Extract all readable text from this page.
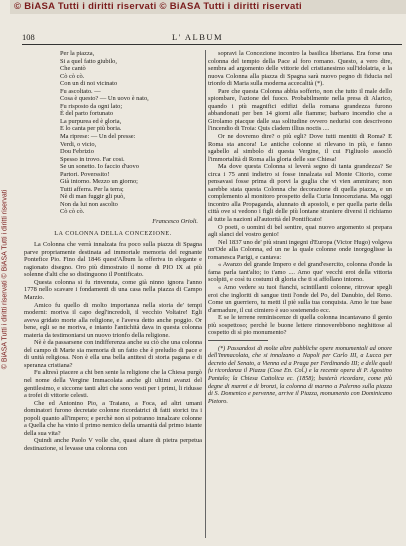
© BiASA Tutti i diritti riservati © BiASA Tutti i diritti riservati
© BiASA Tutti i diritti riservati © BiASA Tutti i diritti riservati
108	L' ALBUM
Per la piazza,
Si a quel fatto giubilo,
Che cantò
Cò cò cò.
Con un di noi vicinato
Fu ascoltato. —
Cosa è questo? — Un uovo è nato,
Fu risposto da ogni lato;
È del parto fortunato
La purpurea ed è gloria,
E lo canta per più boria.
Ma riprese: — Un del presse:
Verdi, o vicio,
Dou Febrizio
Spesso in trovo. Far cosi.
Se un sonetto. Io faccio d'uovo
Partori. Poverssito!
Già intorno. Mezzo un giorno;
Tutti afferra. Per la terra;
Nè di man fuggir gli può,
Non da lui non ascolto
Cò cò cò.
Francesco Orioli.
LA COLONNA DELLA CONCEZIONE.

La Colonna che verrà innalzata fra poco sulla piazza di Spagna parve propriamente destinata ad immortale memoria del regnante Pontefice Pio. Fino dal 1846 quest'Album la offeriva in elegante e ragionato disegno. Oro più dimostrato il nome di PIO IX ai più solenne d'alti che so distinguono il Pontificato.

Questa colonna si fu rinvenuta, come già ninno ignora l'anno 1778 nello scavare i fondamenti di una casa nella piazza di Campo Marzio.

Amico fu quello di molto importanza nella storia de' tempi moderni: moriva il capo degl'incredoli, il vecchio Voltaire! Egli aveva gridato morte alla religione, e l'aveva detto anche poggio. Or bene, egli se ne moriva, e intanto l'antichità dava in questa colonna materia da testimoniarsi un nuovo trionfo della religione.

Nè è da passarsene con indifferenza anche su ciò che una colonna del campo di Marte sia memoria di un fatto che è preludio di pace e di unità religiosa. Non è ella una bella antitesi di storia pagana e di speranza cristiana?

Fu altresì piacere a chi ben sente la religione che la Chiesa purgò nel nome della Vergine Immacolata anche gli ultimi avanzi del gentilesimo, e siccome tanti altri che sono vesti per i primi, li ridusse a trofei di vittorie celesti.

Che ed Antonino Pio, a Traiano, a Foca, ad altri umani dominatori furono decretate colonne ricordatrici di fatti storici tra i popoli quanto all'impero; e perchè non si potranno innalzare colonne a Quella che ha vinto il primo nemico della umanità dal primo istante della sua vita?

Quindi anche Paolo V volle che, quasi altare di pietra perpetua destinazione, si levasse una colonna con

sopravi la Concezione incontro la basilica liberiana. Era forse una colonna del tempio della Pace al foro romano. Questo, a vero dire, sembra ad argomento delle vittorie del cristianesimo sull'idolatria, e la nuova Colonna alla piazza di Spagna sarà nuovo pegno di fiducia nel trionfo di Maria sulla moderna accecalità (*).

Pare che questa Colonna abbia sofferto, non che tutto il male dello spiombare, l'azione del fuoco. Probabilmente nella presa di Alarico, quando i più magnifici edifizi della romana grandezza furono abbandonati per ben 14 giorni alle fiamme; barbaro incendio che a Girolamo piacque dalle sua solitudine ovvero nedurisi con descrivono l'incendio di Troia: Quis cladem illius noctis ....

Or ne dovremo dire? o più egli? Dove tutti mentiti di Roma? E Roma sta ancora! Le antiche colonne si rilevano in più, e fanno sgabello al simbolo di questa Vergine, il cui Figliuolo assoclò l'immortalità di Roma alla gloria delle sue Chiesa!

Ma dove questa Colonna si leverà segno di tanta grandezza? Se circa i 75 anni indietro si fosse innalzata sul Monte Citorio, come pensavasi fosse prima di porvi la guglia che vi vien ammirare; non sarebbe stata questa Colonna che decorazione di quella piazza, e un complemento al monitoro prospetto della Curia Innocenziana. Ma oggi incontro alla Propaganda, alunnato di apostoli, e per quella parte della città ove si vedono i figli delle più lontane straniere diversi il richiamo al tutte la nazioni all'autorità del Pontificato!

O poeti, o uomini di bel sentire, quai nuovo argomento si prepara agli slanci del vostro genio!

Nel 1837 uno de' più strani ingegni d'Europa (Victor Hugo) volgeva un'Ode alla Colonna, ed un ne la quale colonne onde inorgoglisse la romanesca Parigi, e cantava:

« Avanzo del grande Impero e del grand'esercito, colonna d'onde la fama parla tant'alto; io t'amo .... Amo que' vecchi eroi della vittoria scolpiti, e così tu costumi di gloria che ti si affollano intorno.

« Amo vedere su tuoi fianchi, scintillanti colonne, ritrovar spegli eroi che ingloriti di sangue tinti l'onde del Po, del Danubio, del Reno. Come un guerriero, tu metti il piè sulla tua conquista. Amo le tue base d'armadure, il cui cimiero è suo sostenendo ecc.

E se le terrene reminiscenze di quella colonna incantavano il genio più sospettoso; perchè le buone lettere rinnoverebbono neghittose al cospetto di sì pio monumento?

(*) Passandosi di molte altre pubbliche opere monumentali ad onore dell'Immacolata, che si innalzano a Napoli per Carlo III, a Lucca per decreto del Senato, a Vienna ed a Praga per Ferdinando III; e delle quali fu ricordanza il Piazza (Cose En. Col.) e la recente opera di P. Agostino Pantalo; la Chiesa Cattolica ec. (1858); basterà ricordare, come più degne di marmi e di bronzi, la colonna di marmo a Palermo sulla piazza di S. Domenico e pervenne, arrive il Piazza, monumento con Dominicano Pietoro.
